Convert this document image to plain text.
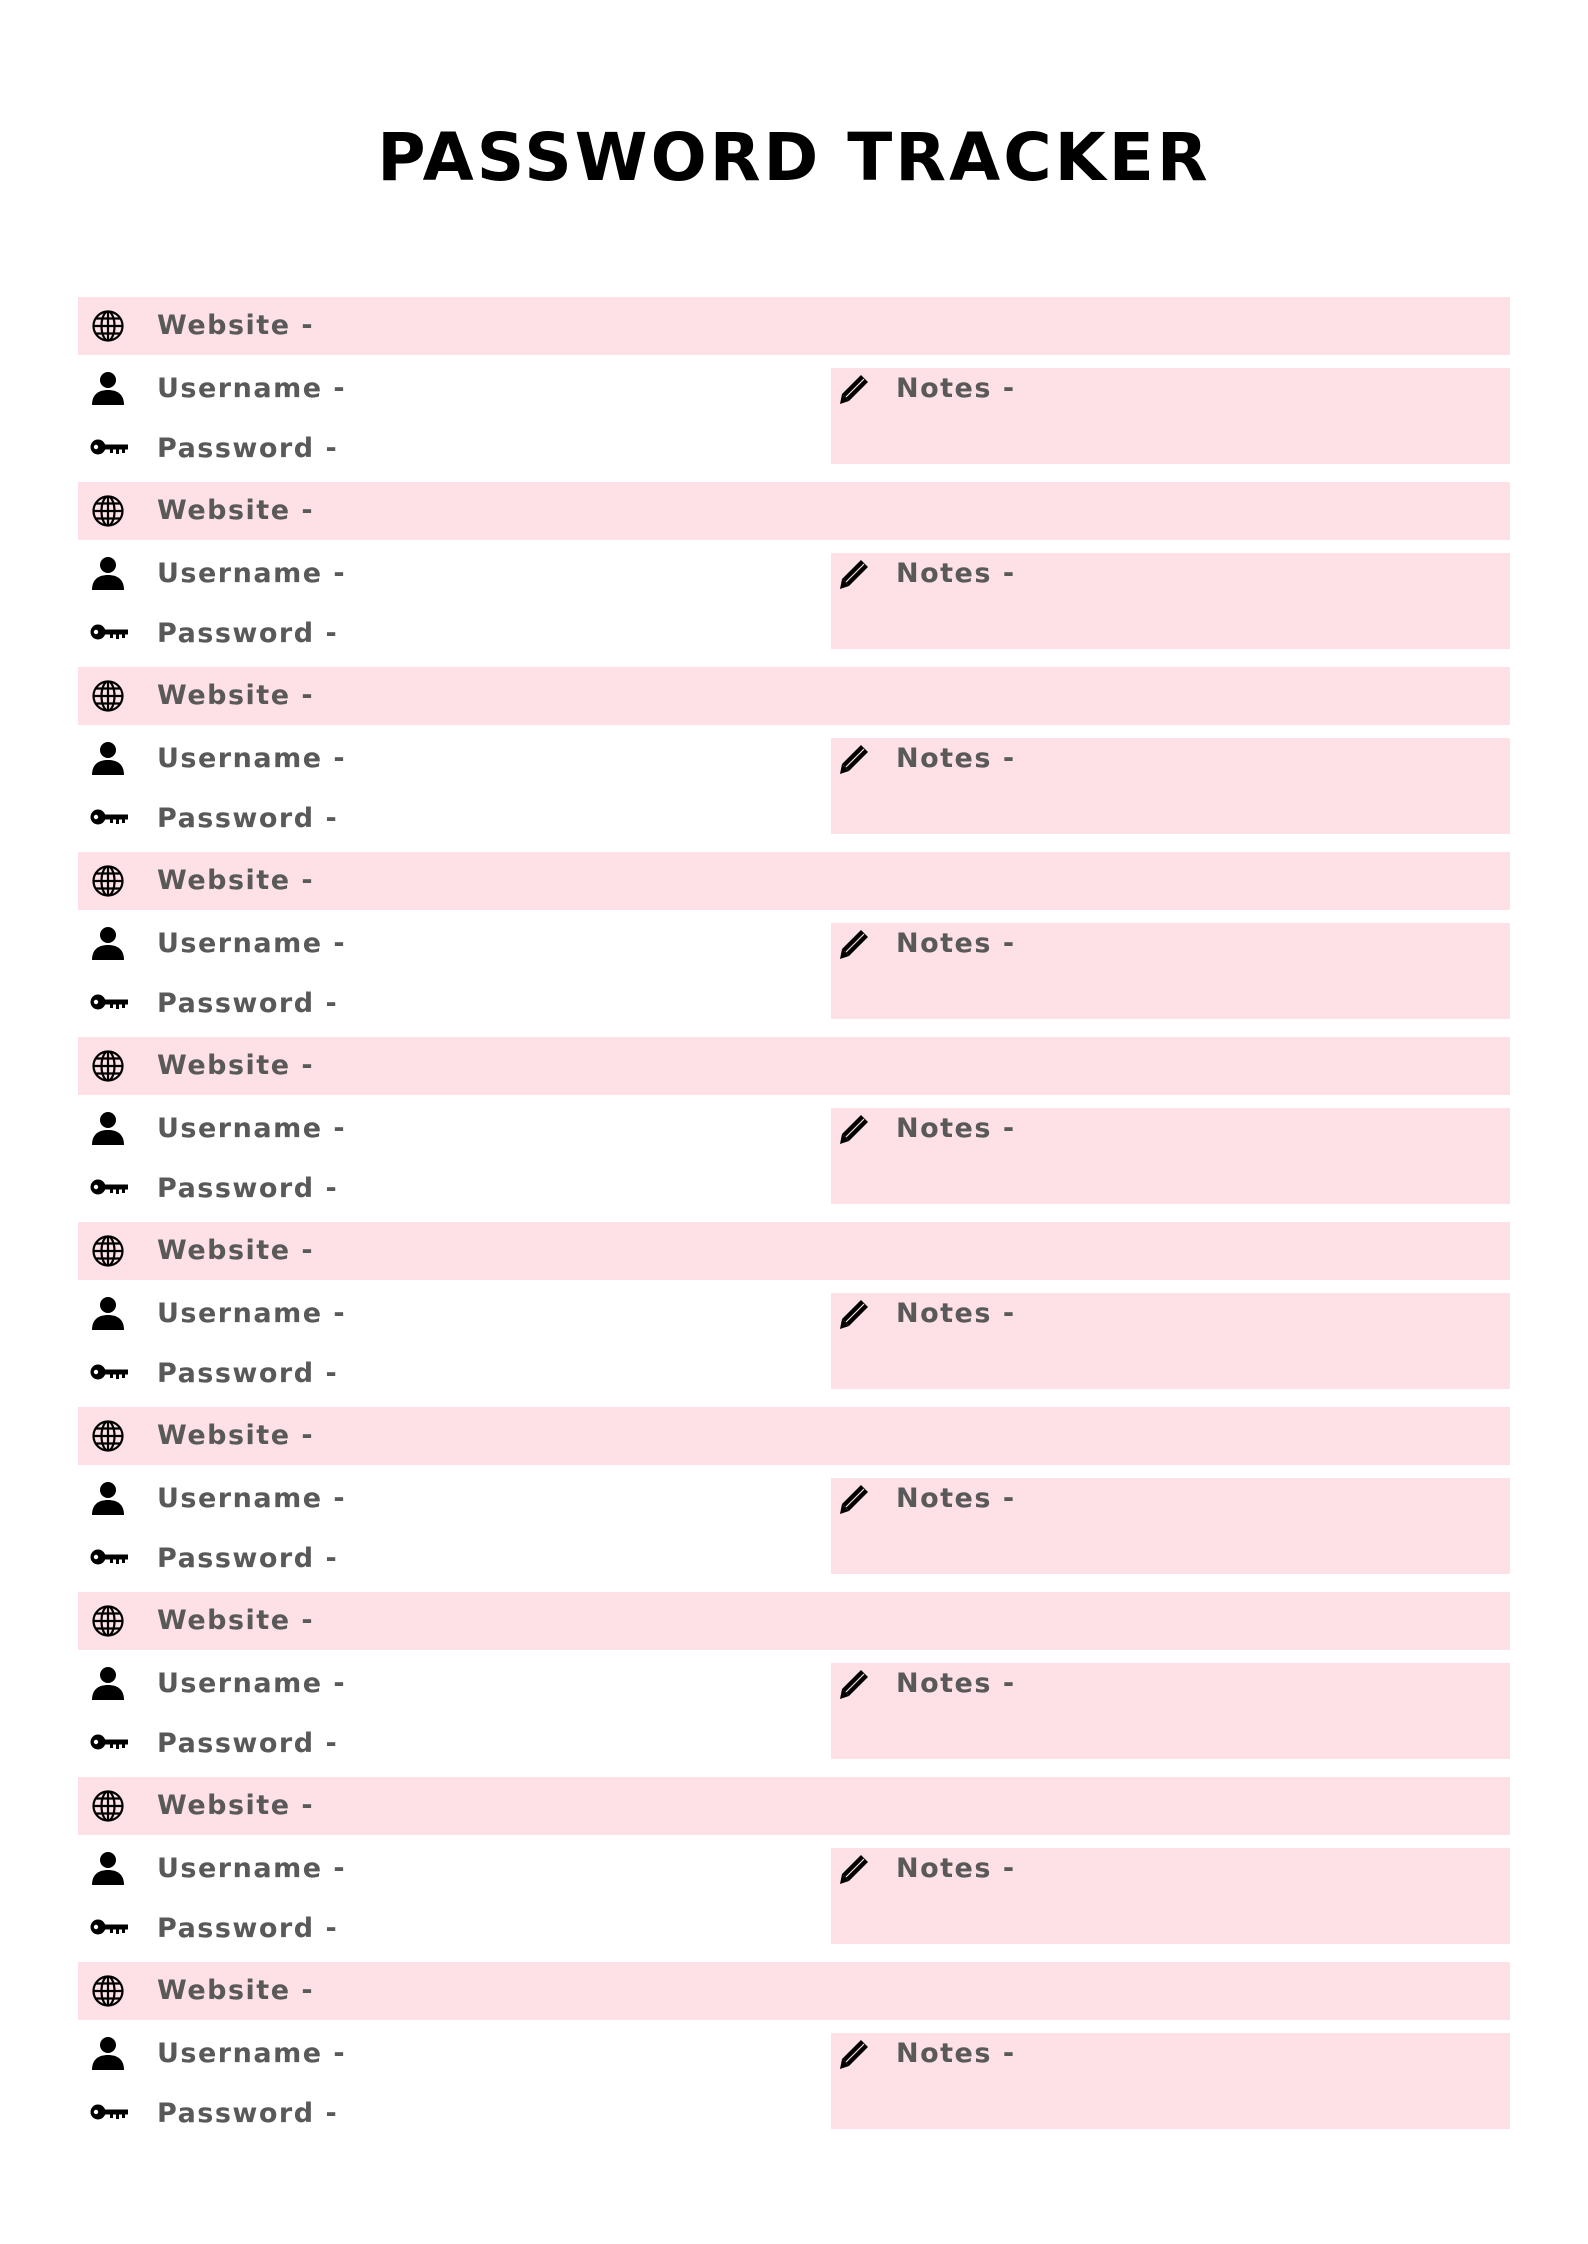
PASSWORD TRACKER
Website -
Username -
Password -
Notes -
Website -
Username -
Password -
Notes -
Website -
Username -
Password -
Notes -
Website -
Username -
Password -
Notes -
Website -
Username -
Password -
Notes -
Website -
Username -
Password -
Notes -
Website -
Username -
Password -
Notes -
Website -
Username -
Password -
Notes -
Website -
Username -
Password -
Notes -
Website -
Username -
Password -
Notes -
